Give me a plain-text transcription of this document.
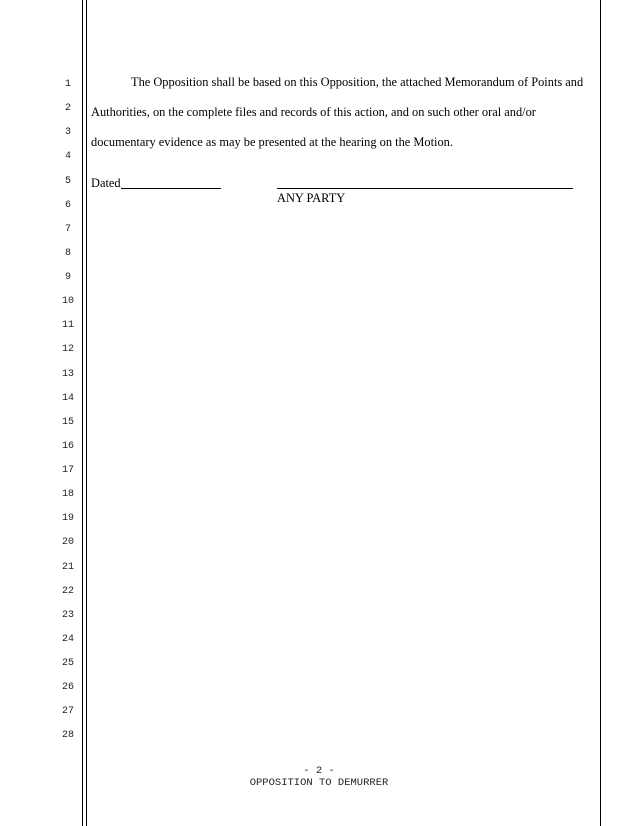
1
2
3
4
5
6
7
8
9
10
11
12
13
14
15
16
17
18
19
20
21
22
23
24
25
26
27
28
The Opposition shall be based on this Opposition, the attached Memorandum of Points and
Authorities, on the complete files and records of this action, and on such other oral and/or
documentary evidence as may be presented at the hearing on the Motion.
Dated
ANY PARTY
- 2 -
OPPOSITION TO DEMURRER
